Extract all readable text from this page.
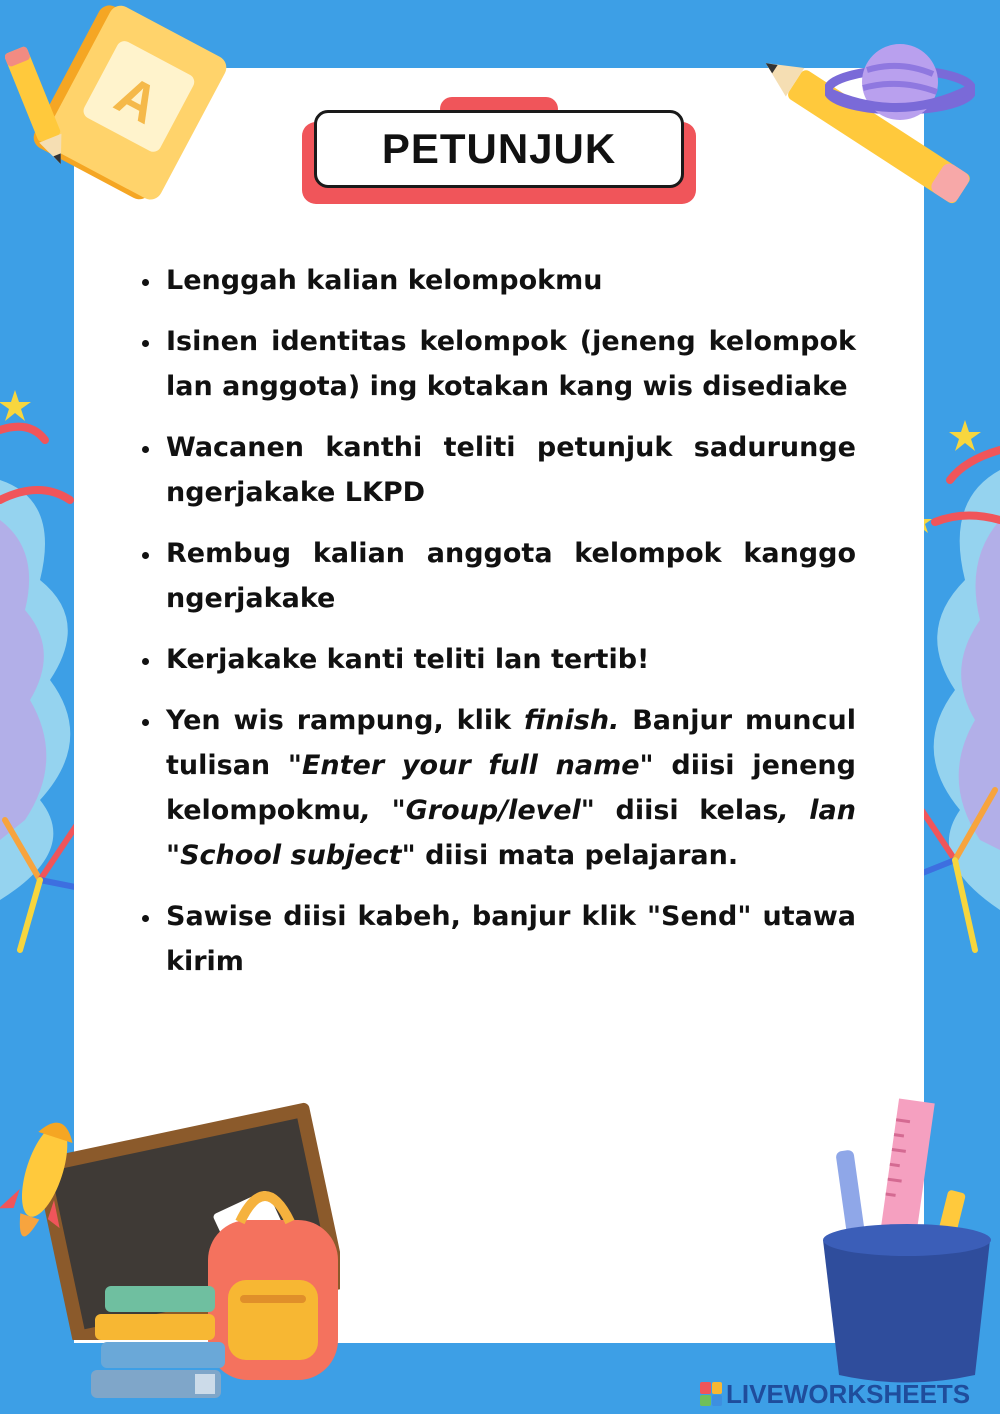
A
PETUNJUK
Lenggah kalian kelompokmu
Isinen identitas kelompok (jeneng kelompok lan anggota) ing kotakan kang wis disediake
Wacanen kanthi teliti petunjuk sadurunge ngerjakake LKPD
Rembug kalian anggota kelompok kanggo ngerjakake
Kerjakake kanti teliti lan tertib!
Yen wis rampung, klik finish. Banjur muncul tulisan "Enter your full name" diisi jeneng kelompokmu, "Group/level" diisi kelas, lan "School subject" diisi mata pelajaran.
Sawise diisi kabeh, banjur klik "Send" utawa kirim
LIVEWORKSHEETS
